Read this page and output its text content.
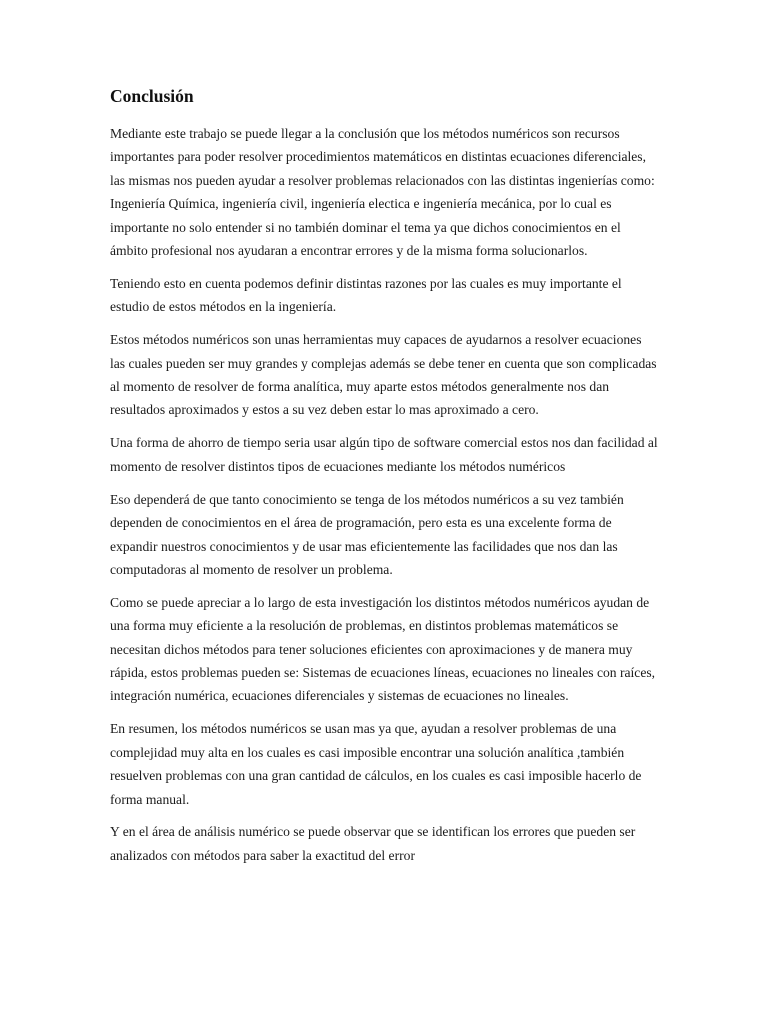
Conclusión

Mediante este trabajo se puede llegar a la conclusión que los métodos numéricos son recursos importantes para poder resolver procedimientos matemáticos en distintas ecuaciones diferenciales, las mismas nos pueden ayudar a resolver problemas relacionados con las distintas ingenierías como: Ingeniería Química, ingeniería civil, ingeniería electica e ingeniería mecánica, por lo cual es importante no solo entender si no también dominar el tema ya que dichos conocimientos en el ámbito profesional nos ayudaran a encontrar errores y de la misma forma solucionarlos.

Teniendo esto en cuenta podemos definir distintas razones por las cuales es muy importante el estudio de estos métodos en la ingeniería.

Estos métodos numéricos son unas herramientas muy capaces de ayudarnos a resolver ecuaciones las cuales pueden ser muy grandes y complejas además se debe tener en cuenta que son complicadas al momento de resolver de forma analítica, muy aparte estos métodos generalmente nos dan resultados aproximados y estos a su vez deben estar lo mas aproximado a cero.

Una forma de ahorro de tiempo seria usar algún tipo de software comercial estos nos dan facilidad al momento de resolver distintos tipos de ecuaciones mediante los métodos numéricos

Eso dependerá de que tanto conocimiento se tenga de los métodos numéricos a su vez también dependen de conocimientos en el área de programación, pero esta es una excelente forma de expandir nuestros conocimientos y de usar mas eficientemente las facilidades que nos dan las computadoras al momento de resolver un problema.

Como se puede apreciar a lo largo de esta investigación los distintos métodos numéricos ayudan de una forma muy eficiente a la resolución de problemas, en distintos problemas matemáticos se necesitan dichos métodos para tener soluciones eficientes con aproximaciones y de manera muy rápida, estos problemas pueden se: Sistemas de ecuaciones líneas, ecuaciones no lineales con raíces, integración numérica, ecuaciones diferenciales y sistemas de ecuaciones no lineales.

En resumen, los métodos numéricos se usan mas ya que, ayudan a resolver problemas de una complejidad muy alta en los cuales es casi imposible encontrar una solución analítica ,también resuelven problemas con una gran cantidad de cálculos, en los cuales es casi imposible hacerlo de forma manual.

Y en el área de análisis numérico se puede observar que se identifican los errores que pueden ser analizados con métodos para saber la exactitud del error
